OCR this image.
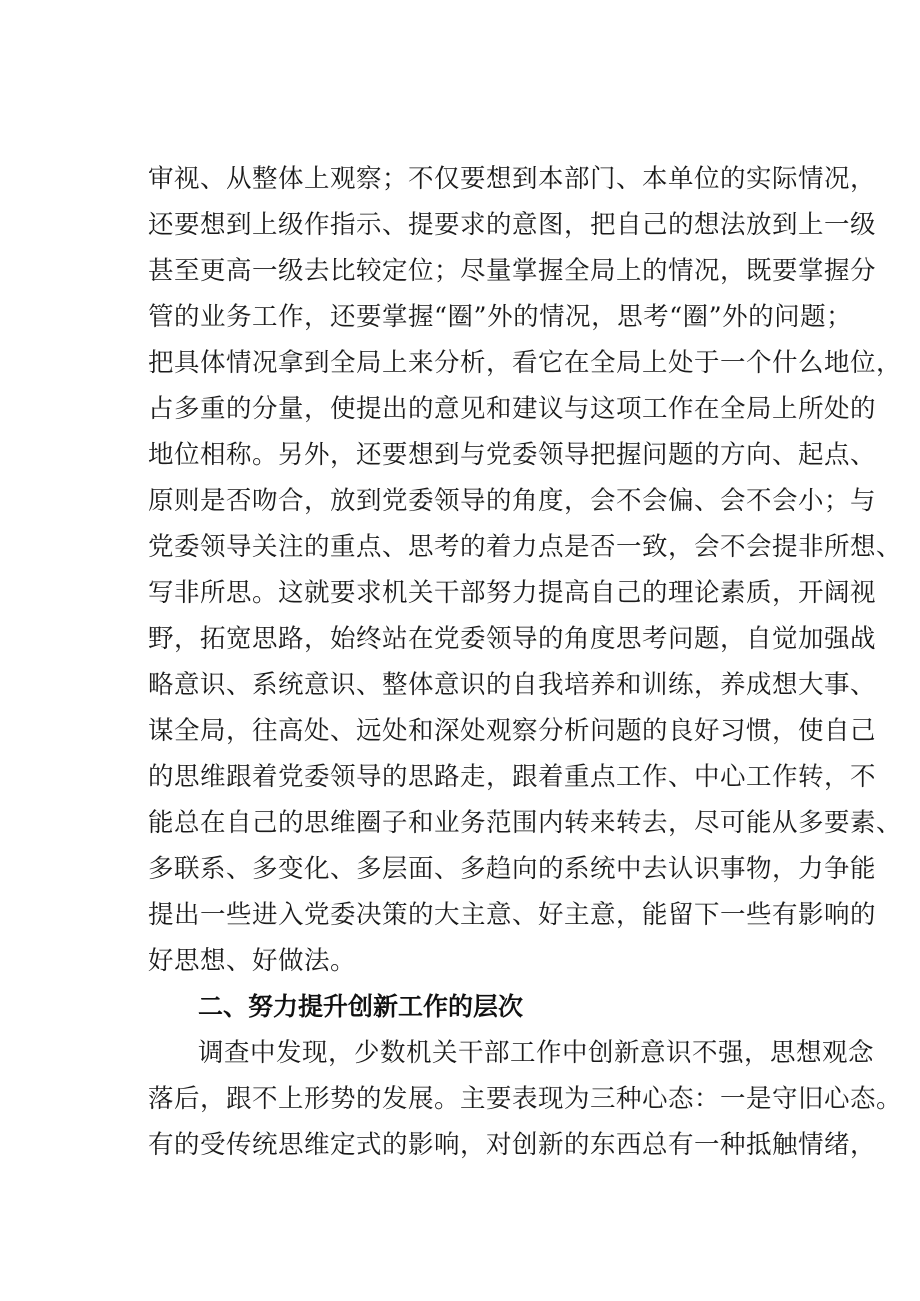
审视、从整体上观察；不仅要想到本部门、本单位的实际情况，
还要想到上级作指示、提要求的意图，把自己的想法放到上一级
甚至更高一级去比较定位；尽量掌握全局上的情况，既要掌握分
管的业务工作，还要掌握“圈”外的情况，思考“圈”外的问题；
把具体情况拿到全局上来分析，看它在全局上处于一个什么地位，
占多重的分量，使提出的意见和建议与这项工作在全局上所处的
地位相称。另外，还要想到与党委领导把握问题的方向、起点、
原则是否吻合，放到党委领导的角度，会不会偏、会不会小；与
党委领导关注的重点、思考的着力点是否一致，会不会提非所想、
写非所思。这就要求机关干部努力提高自己的理论素质，开阔视
野，拓宽思路，始终站在党委领导的角度思考问题，自觉加强战
略意识、系统意识、整体意识的自我培养和训练，养成想大事、
谋全局，往高处、远处和深处观察分析问题的良好习惯，使自己
的思维跟着党委领导的思路走，跟着重点工作、中心工作转，不
能总在自己的思维圈子和业务范围内转来转去，尽可能从多要素、
多联系、多变化、多层面、多趋向的系统中去认识事物，力争能
提出一些进入党委决策的大主意、好主意，能留下一些有影响的
好思想、好做法。
二、努力提升创新工作的层次
调查中发现，少数机关干部工作中创新意识不强，思想观念
落后，跟不上形势的发展。主要表现为三种心态：一是守旧心态。
有的受传统思维定式的影响，对创新的东西总有一种抵触情绪，
